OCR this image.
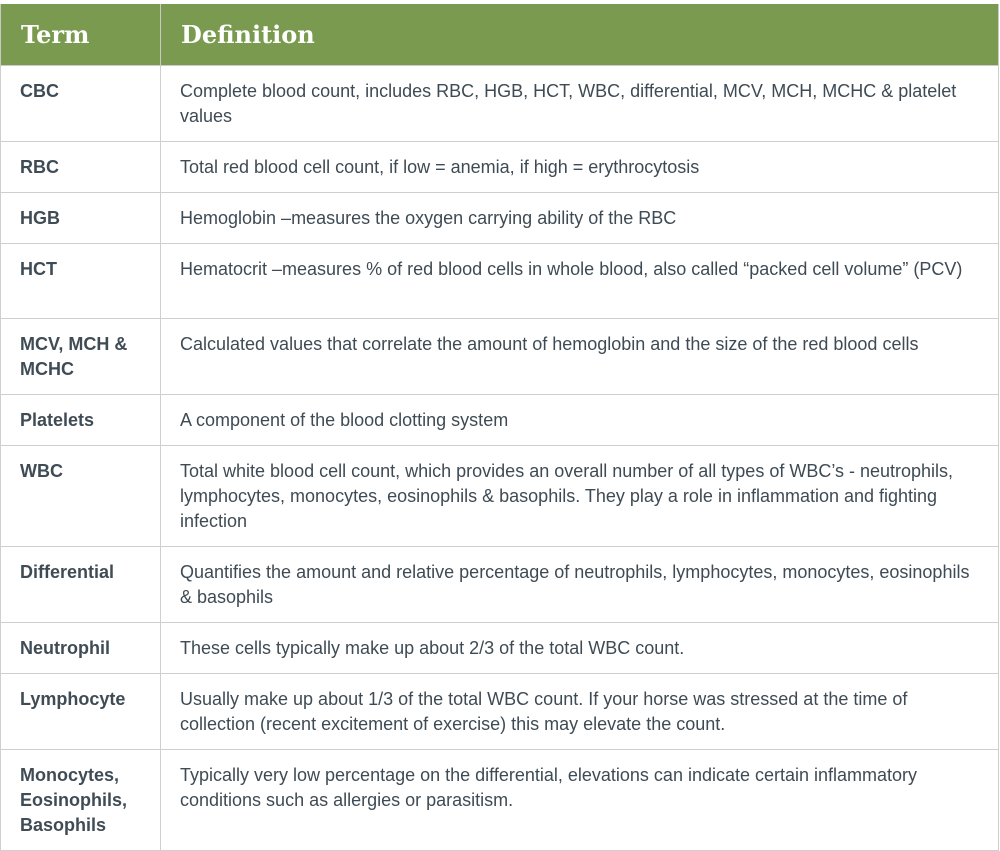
Term	Definition
CBC	Complete blood count, includes RBC, HGB, HCT, WBC, differential, MCV, MCH, MCHC & platelet values
RBC	Total red blood cell count, if low = anemia, if high = erythrocytosis
HGB	Hemoglobin –measures the oxygen carrying ability of the RBC
HCT	Hematocrit –measures % of red blood cells in whole blood, also called “packed cell volume” (PCV)
MCV, MCH & MCHC	Calculated values that correlate the amount of hemoglobin and the size of the red blood cells
Platelets	A component of the blood clotting system
WBC	Total white blood cell count, which provides an overall number of all types of WBC’s - neutrophils, lymphocytes, monocytes, eosinophils & basophils. They play a role in inflammation and fighting infection
Differential	Quantifies the amount and relative percentage of neutrophils, lymphocytes, monocytes, eosinophils & basophils
Neutrophil	These cells typically make up about 2/3 of the total WBC count.
Lymphocyte	Usually make up about 1/3 of the total WBC count. If your horse was stressed at the time of collection (recent excitement of exercise) this may elevate the count.
Monocytes, Eosinophils, Basophils	Typically very low percentage on the differential, elevations can indicate certain inflammatory conditions such as allergies or parasitism.
